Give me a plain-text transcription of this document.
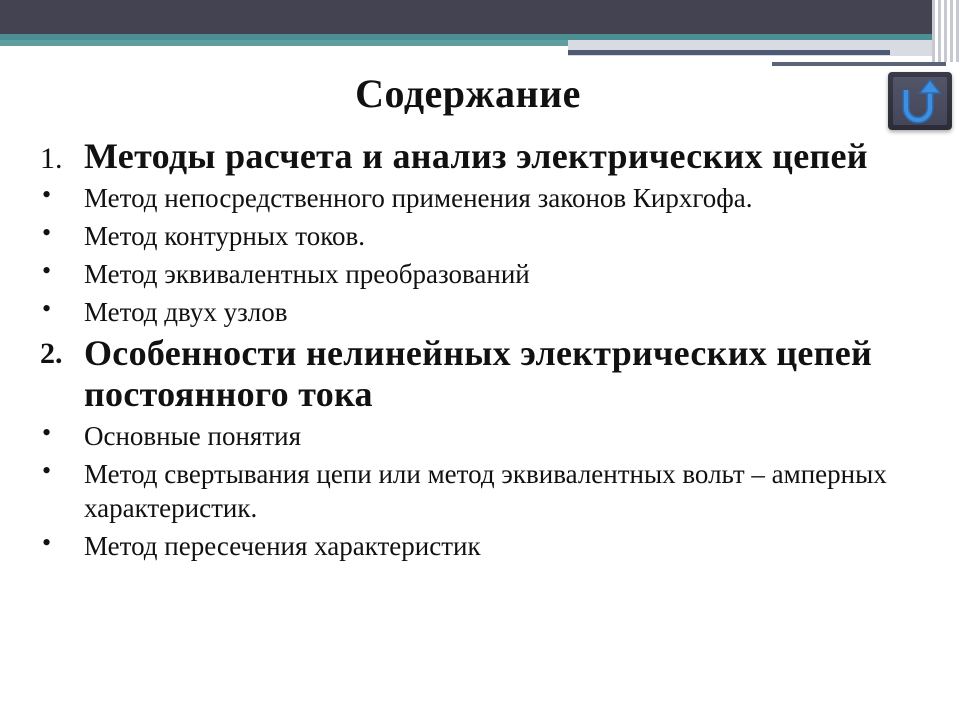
Содержание
1. Методы расчета и анализ электрических цепей
• Метод непосредственного применения законов Кирхгофа.
• Метод контурных токов.
• Метод эквивалентных преобразований
• Метод двух узлов
2. Особенности нелинейных электрических цепей постоянного тока
• Основные понятия
• Метод свертывания цепи или метод эквивалентных вольт – амперных характеристик.
• Метод пересечения характеристик
